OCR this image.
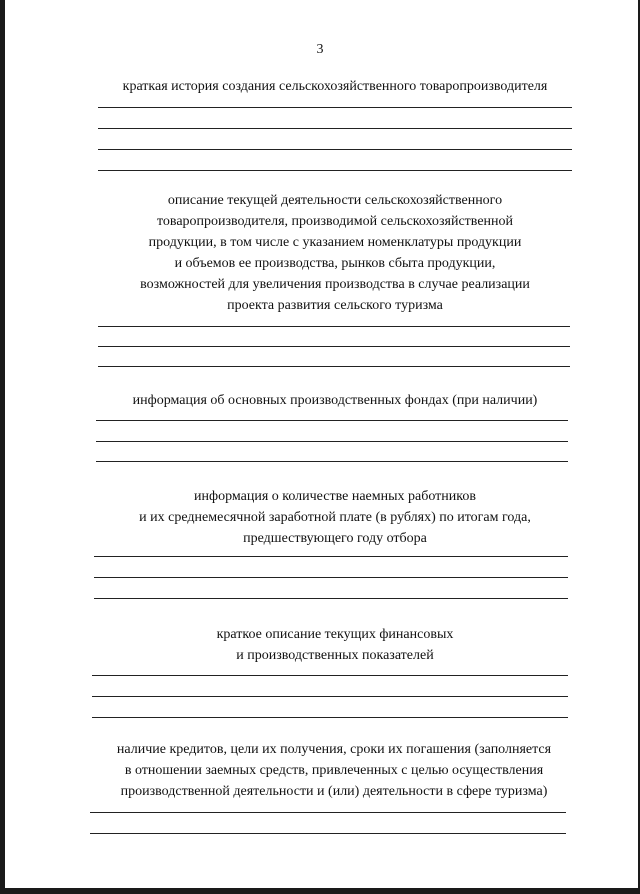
3
краткая история создания сельскохозяйственного товаропроизводителя
описание текущей деятельности сельскохозяйственного
товаропроизводителя, производимой сельскохозяйственной
продукции, в том числе с указанием номенклатуры продукции
и объемов ее производства, рынков сбыта продукции,
возможностей для увеличения производства в случае реализации
проекта развития сельского туризма
информация об основных производственных фондах (при наличии)
информация о количестве наемных работников
и их среднемесячной заработной плате (в рублях) по итогам года,
предшествующего году отбора
краткое описание текущих финансовых
и производственных показателей
наличие кредитов, цели их получения, сроки их погашения (заполняется
в отношении заемных средств, привлеченных с целью осуществления
производственной деятельности и (или) деятельности в сфере туризма)
